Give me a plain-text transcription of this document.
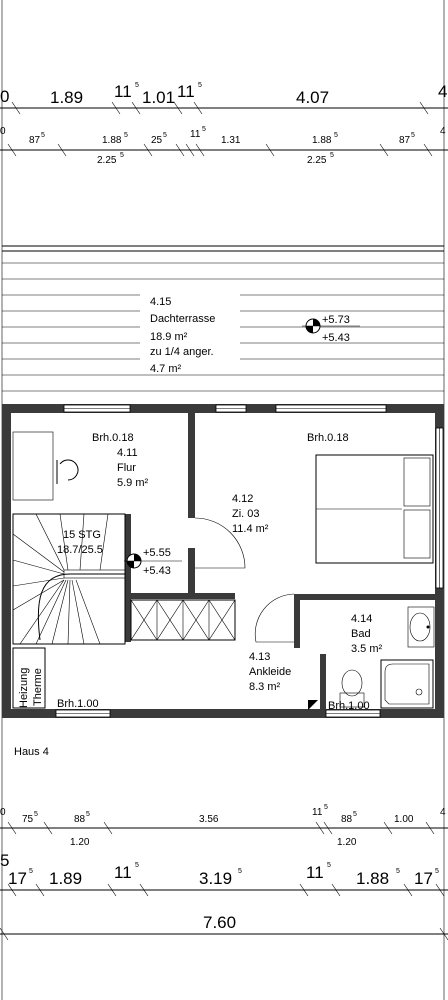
0 1.89 11 5
1.01 11 5
4.07	4
0
87 5	1.88 5 25 5 11 5
1.31	1.88 5	87 5	4
2.25 5	2.25 5
4.15
Dachterrasse
18.9 m²
zu 1/4 anger.
4.7 m²
+5.73
+5.43
Brh.0.18
4.11
Flur
5.9 m²
15 STG
18.7/25.5	+5.55
+5.43
Heizung Therme Brh.1.00
Brh.0.18
4.12
Zi. 03
11.4 m²
4.14
Bad
3.5 m²
Brh.1.00
4.13
Ankleide
8.3 m²
Haus 4
0
75 5	88 5	3.56
11 5
88 5	1.00
4
1.20	1.20
5
17 5 1.89 11 5
3.19 5	11 5
1.88 5 17 5
7.60
